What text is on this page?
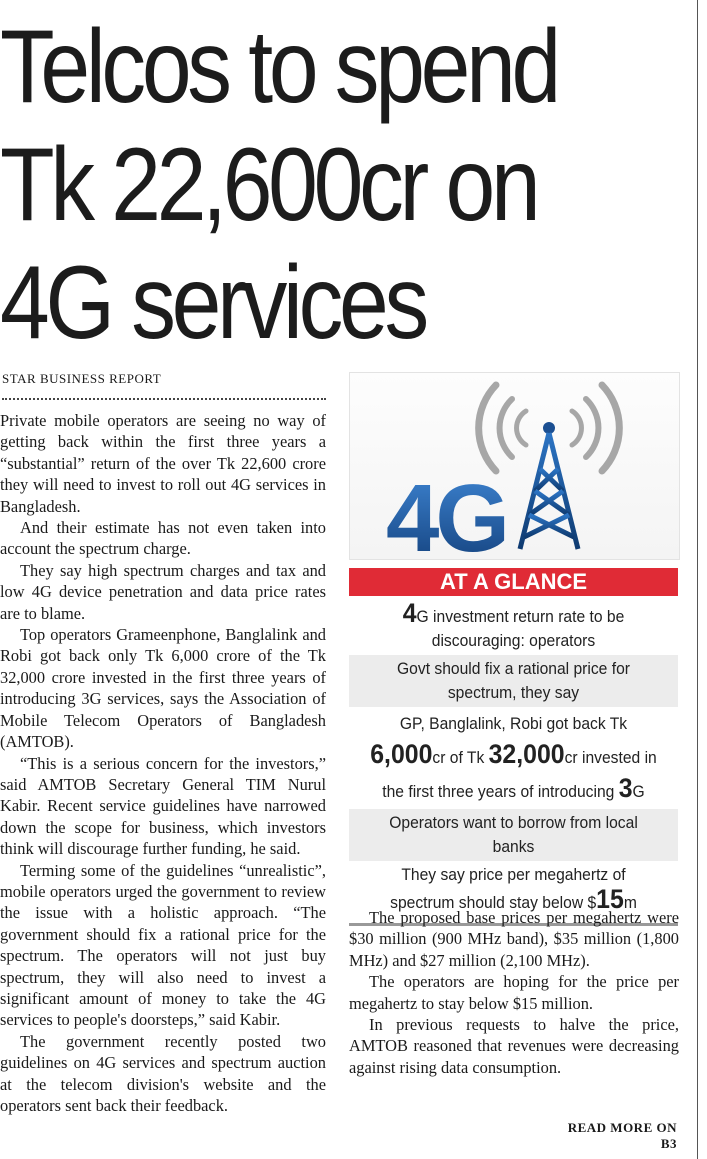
Telcos to spend
Tk 22,600cr on
4G services
STAR BUSINESS REPORT

Private mobile operators are seeing no way of getting back within the first three years a “substantial” return of the over Tk 22,600 crore they will need to invest to roll out 4G services in Bangladesh.

And their estimate has not even taken into account the spectrum charge.

They say high spectrum charges and tax and low 4G device penetration and data price rates are to blame.

Top operators Grameenphone, Banglalink and Robi got back only Tk 6,000 crore of the Tk 32,000 crore invested in the first three years of introducing 3G services, says the Association of Mobile Telecom Operators of Bangladesh (AMTOB).

“This is a serious concern for the investors,” said AMTOB Secretary General TIM Nurul Kabir. Recent service guidelines have narrowed down the scope for business, which investors think will discourage further funding, he said.

Terming some of the guidelines “unrealistic”, mobile operators urged the government to review the issue with a holistic approach. “The government should fix a rational price for the spectrum. The operators will not just buy spectrum, they will also need to invest a significant amount of money to take the 4G services to people's doorsteps,” said Kabir.

The government recently posted two guidelines on 4G services and spectrum auction at the telecom division's website and the operators sent back their feedback.

4G
AT A GLANCE
4G investment return rate to be discouraging: operators
Govt should fix a rational price for spectrum, they say
GP, Banglalink, Robi got back Tk 6,000cr of Tk 32,000cr invested in the first three years of introducing 3G
Operators want to borrow from local banks
They say price per megahertz of spectrum should stay below $15m

The proposed base prices per megahertz were $30 million (900 MHz band), $35 million (1,800 MHz) and $27 million (2,100 MHz).

The operators are hoping for the price per megahertz to stay below $15 million.

In previous requests to halve the price, AMTOB reasoned that revenues were decreasing against rising data consumption.

READ MORE ON B3
